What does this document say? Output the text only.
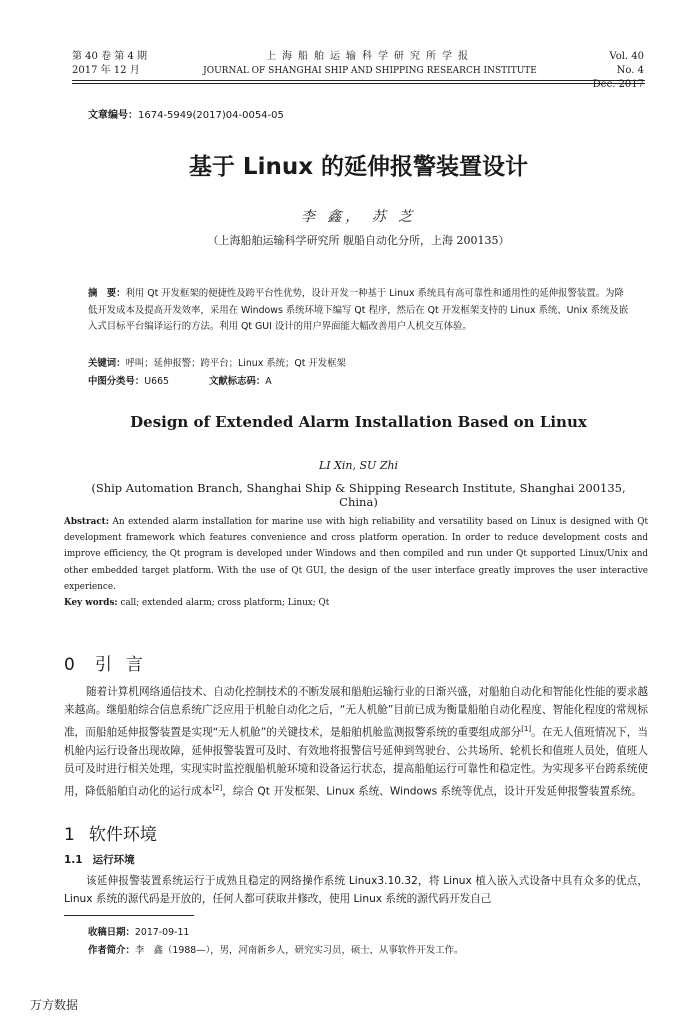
第 40 卷 第 4 期
2017 年 12 月
上海船舶运输科学研究所学报
JOURNAL OF SHANGHAI SHIP AND SHIPPING RESEARCH INSTITUTE
Vol. 40 No. 4
Dec. 2017
文章编号：1674-5949(2017)04-0054-05
基于 Linux 的延伸报警装置设计
李 鑫， 苏 芝
（上海船舶运输科学研究所 舰船自动化分所，上海 200135）
摘　要：利用 Qt 开发框架的便捷性及跨平台性优势，设计开发一种基于 Linux 系统具有高可靠性和通用性的延伸报警装置。为降低开发成本及提高开发效率，采用在 Windows 系统环境下编写 Qt 程序，然后在 Qt 开发框架支持的 Linux 系统、Unix 系统及嵌入式目标平台编译运行的方法。利用 Qt GUI 设计的用户界面能大幅改善用户人机交互体验。
关键词：呼叫；延伸报警；跨平台；Linux 系统；Qt 开发框架
中图分类号：U665	文献标志码：A
Design of Extended Alarm Installation Based on Linux
LI Xin, SU Zhi
(Ship Automation Branch, Shanghai Ship & Shipping Research Institute, Shanghai 200135, China)
Abstract: An extended alarm installation for marine use with high reliability and versatility based on Linux is designed with Qt development framework which features convenience and cross platform operation. In order to reduce development costs and improve efficiency, the Qt program is developed under Windows and then compiled and run under Qt supported Linux/Unix and other embedded target platform. With the use of Qt GUI, the design of the user interface greatly improves the user interactive experience.
Key words: call; extended alarm; cross platform; Linux; Qt
0 引言
随着计算机网络通信技术、自动化控制技术的不断发展和船舶运输行业的日渐兴盛，对船舶自动化和智能化性能的要求越来越高。继船舶综合信息系统广泛应用于机舱自动化之后，“无人机舱”目前已成为衡量船舶自动化程度、智能化程度的常规标准，而船舶延伸报警装置是实现“无人机舱”的关键技术，是船舶机舱监测报警系统的重要组成部分[1]。在无人值班情况下，当机舱内运行设备出现故障，延伸报警装置可及时、有效地将报警信号延伸到驾驶台、公共场所、轮机长和值班人员处，值班人员可及时进行相关处理，实现实时监控舰船机舱环境和设备运行状态，提高船舶运行可靠性和稳定性。为实现多平台跨系统使用，降低船舶自动化的运行成本[2]，综合 Qt 开发框架、Linux 系统、Windows 系统等优点，设计开发延伸报警装置系统。
1 软件环境
1.1 运行环境
该延伸报警装置系统运行于成熟且稳定的网络操作系统 Linux3.10.32，将 Linux 植入嵌入式设备中具有众多的优点，Linux 系统的源代码是开放的，任何人都可获取并修改，使用 Linux 系统的源代码开发自己
收稿日期：2017-09-11
作者简介：李　鑫（1988—），男，河南新乡人，研究实习员，硕士，从事软件开发工作。
万方数据
